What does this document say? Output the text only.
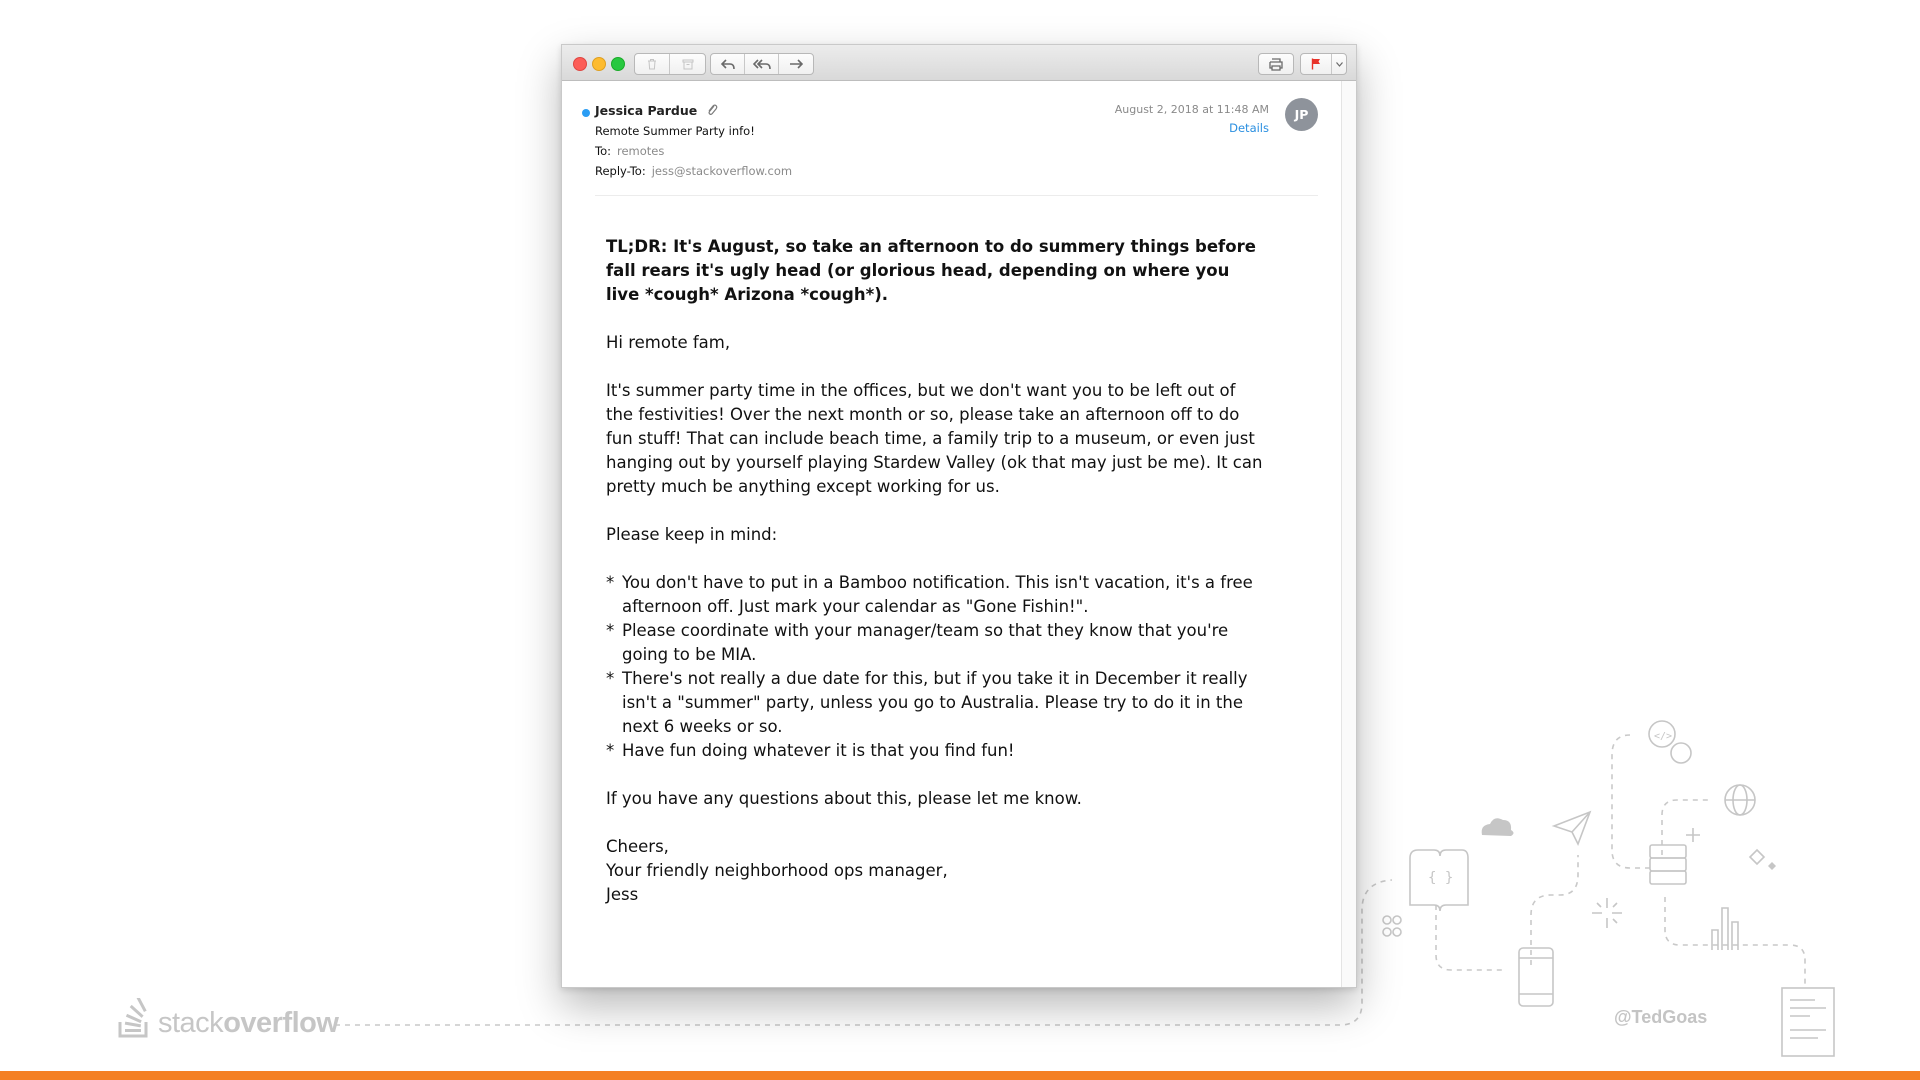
{ }
</>
Jessica Pardue
Remote Summer Party info!
To: remotes
Reply-To: jess@stackoverflow.com
August 2, 2018 at 11:48 AM
Details
JP

TL;DR: It's August, so take an afternoon to do summery things before fall rears it's ugly head (or glorious head, depending on where you live *cough* Arizona *cough*).

Hi remote fam,

It's summer party time in the offices, but we don't want you to be left out of the festivities! Over the next month or so, please take an afternoon off to do fun stuff! That can include beach time, a family trip to a museum, or even just hanging out by yourself playing Stardew Valley (ok that may just be me). It can pretty much be anything except working for us.

Please keep in mind:

* You don't have to put in a Bamboo notification. This isn't vacation, it's a free afternoon off. Just mark your calendar as "Gone Fishin!".
* Please coordinate with your manager/team so that they know that you're going to be MIA.
* There's not really a due date for this, but if you take it in December it really isn't a "summer" party, unless you go to Australia. Please try to do it in the next 6 weeks or so.
* Have fun doing whatever it is that you find fun!

If you have any questions about this, please let me know.

Cheers,
Your friendly neighborhood ops manager,
Jess

stackoverflow	@TedGoas
